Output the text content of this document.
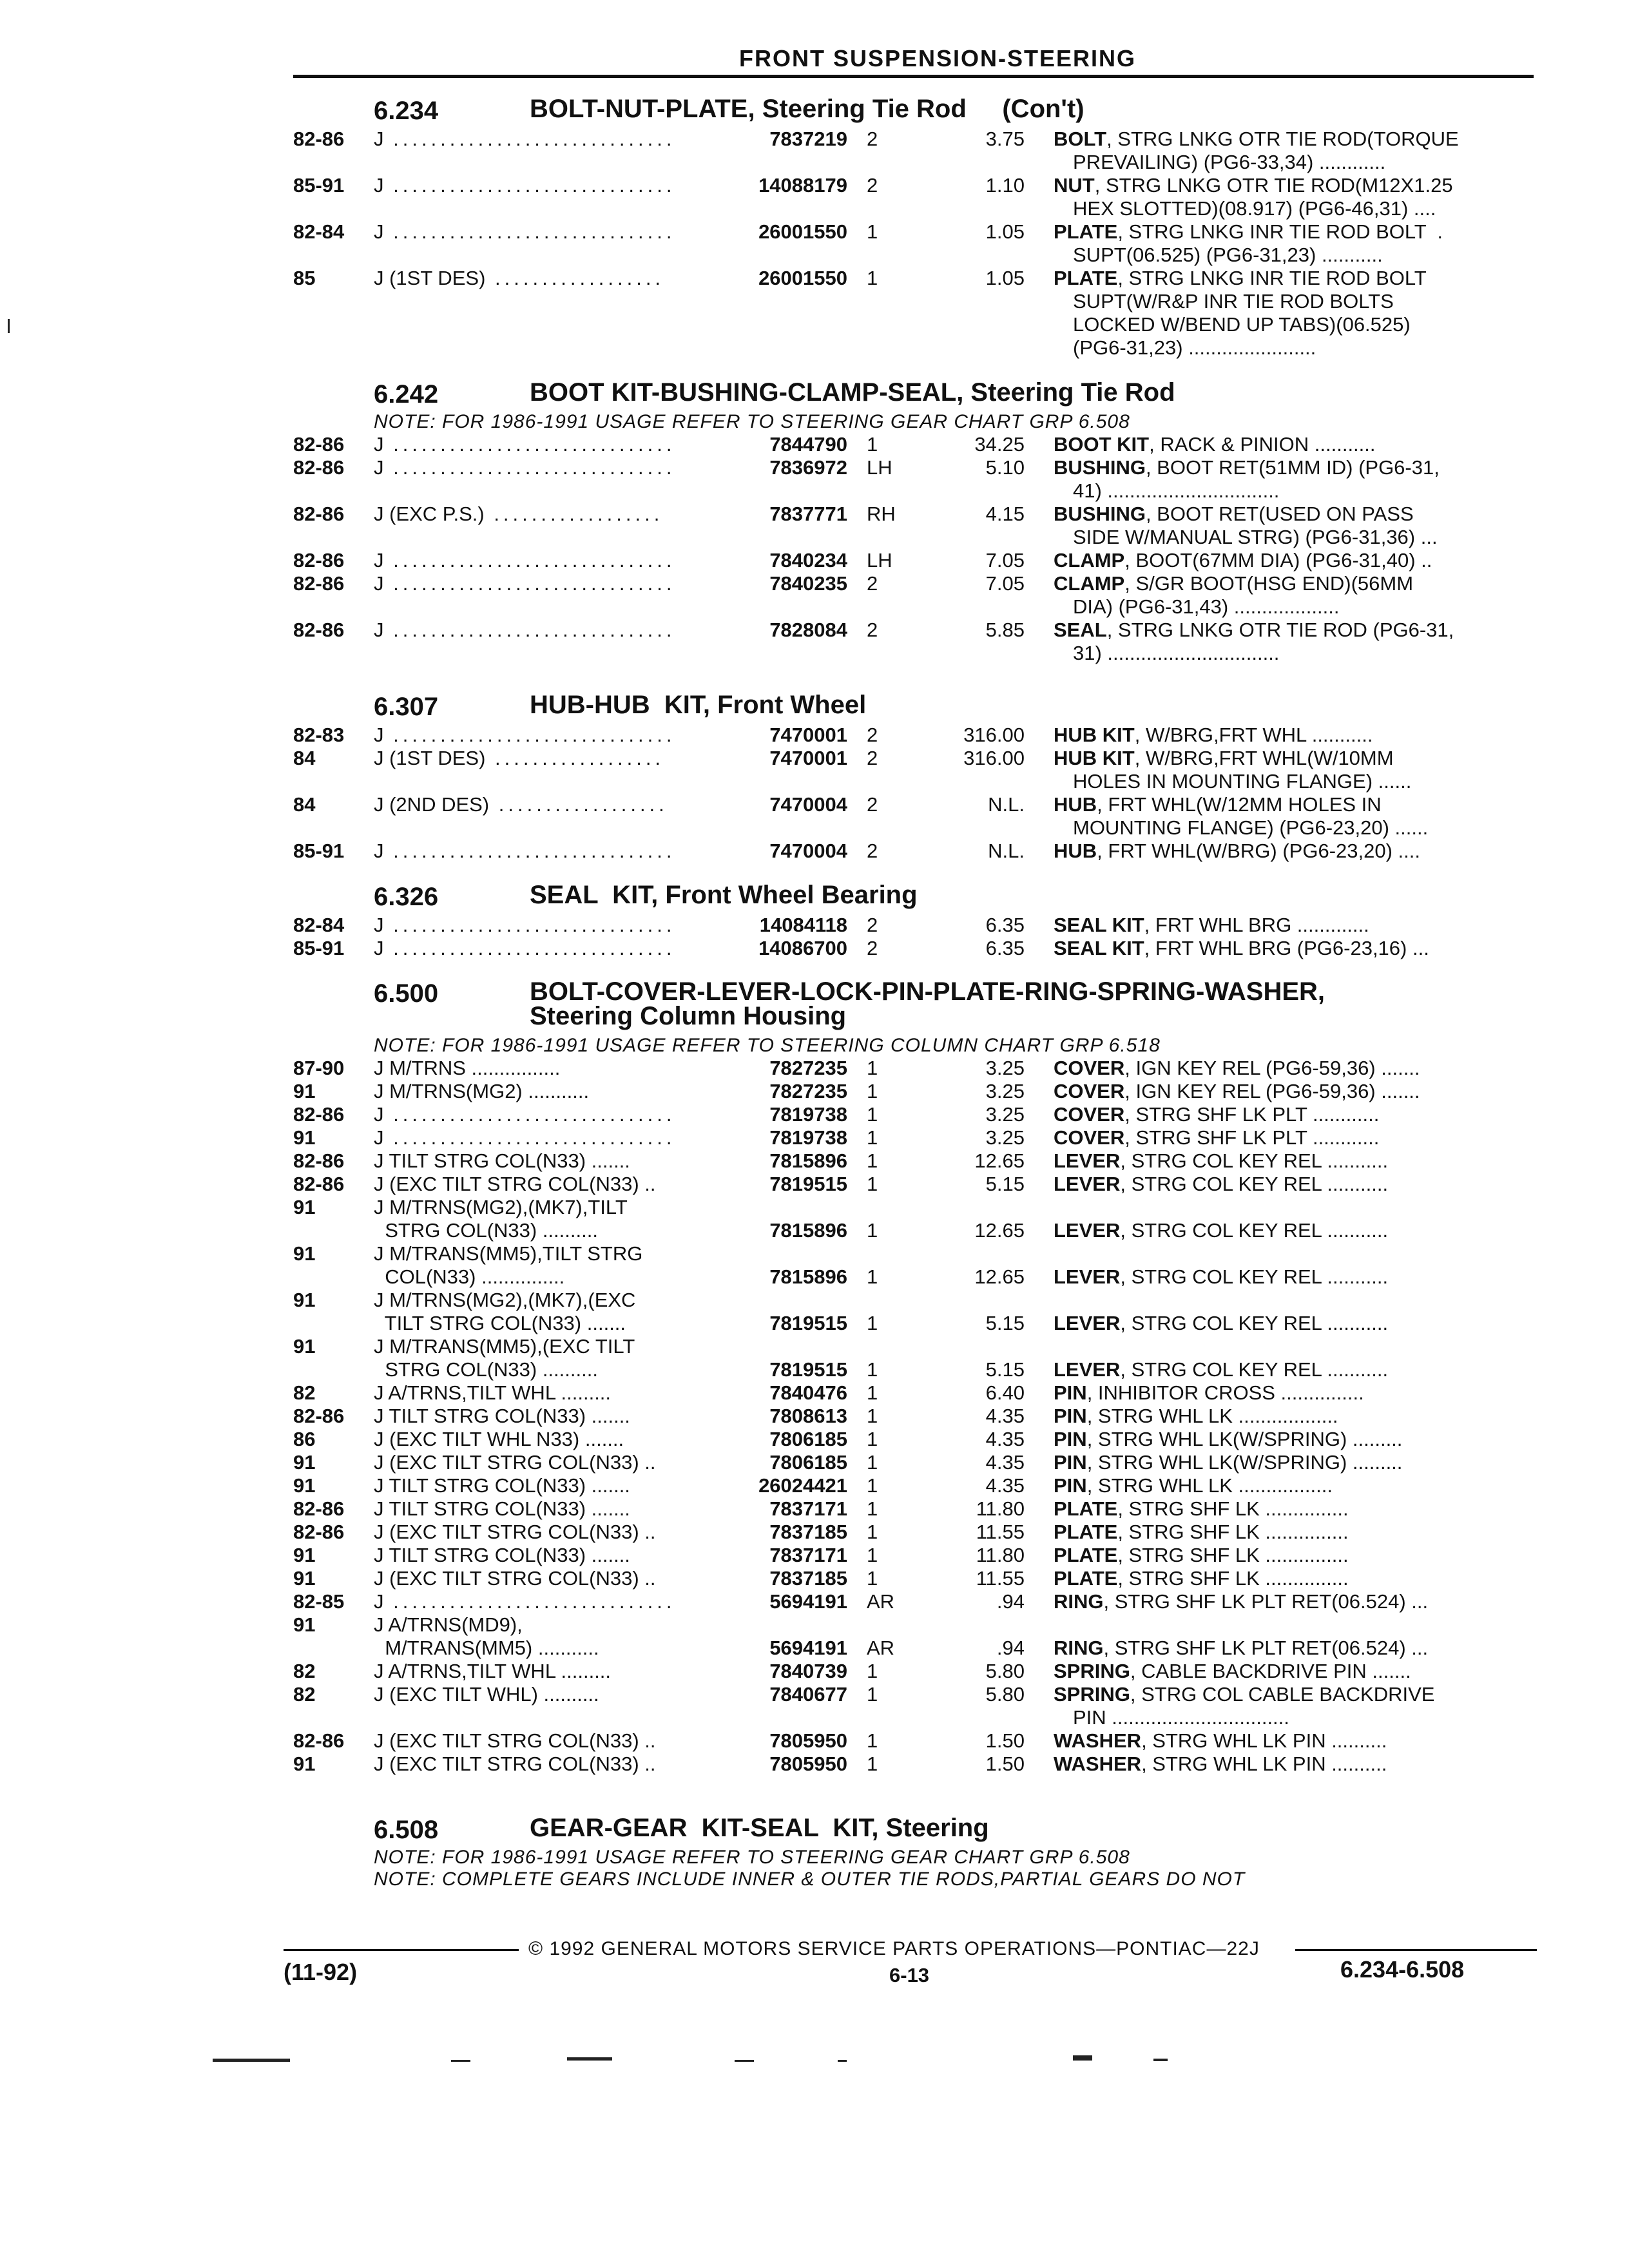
FRONT SUSPENSION-STEERING
6.234	BOLT-NUT-PLATE, Steering Tie Rod     (Con't)
82-86 J ..............................	7837219 2	3.75 BOLT, STRG LNKG OTR TIE ROD(TORQUE
PREVAILING) (PG6-33,34) ............
85-91 J ..............................	14088179 2	1.10 NUT, STRG LNKG OTR TIE ROD(M12X1.25
HEX SLOTTED)(08.917) (PG6-46,31) ....
82-84 J ..............................	26001550 1	1.05 PLATE, STRG LNKG INR TIE ROD BOLT  .
SUPT(06.525) (PG6-31,23) ...........
85	J (1ST DES) ..................	26001550 1	1.05 PLATE, STRG LNKG INR TIE ROD BOLT
SUPT(W/R&P INR TIE ROD BOLTS
LOCKED W/BEND UP TABS)(06.525)
(PG6-31,23) .......................
6.242	BOOT KIT-BUSHING-CLAMP-SEAL, Steering Tie Rod
NOTE: FOR 1986-1991 USAGE REFER TO STEERING GEAR CHART GRP 6.508
82-86 J ..............................	7844790 1	34.25 BOOT KIT, RACK & PINION ...........
82-86 J ..............................	7836972 LH	5.10 BUSHING, BOOT RET(51MM ID) (PG6-31,
41) ...............................
82-86 J (EXC P.S.) ..................	7837771 RH	4.15 BUSHING, BOOT RET(USED ON PASS
SIDE W/MANUAL STRG) (PG6-31,36) ...
82-86 J ..............................	7840234 LH	7.05 CLAMP, BOOT(67MM DIA) (PG6-31,40) ..
82-86 J ..............................	7840235 2	7.05 CLAMP, S/GR BOOT(HSG END)(56MM
DIA) (PG6-31,43) ...................
82-86 J ..............................	7828084 2	5.85 SEAL, STRG LNKG OTR TIE ROD (PG6-31,
31) ...............................
6.307	HUB-HUB  KIT, Front Wheel
82-83 J ..............................	7470001 2	316.00 HUB KIT, W/BRG,FRT WHL ...........
84	J (1ST DES) ..................	7470001 2	316.00 HUB KIT, W/BRG,FRT WHL(W/10MM
HOLES IN MOUNTING FLANGE) ......
84	J (2ND DES) ..................	7470004 2	N.L. HUB, FRT WHL(W/12MM HOLES IN
MOUNTING FLANGE) (PG6-23,20) ......
85-91 J ..............................	7470004 2	N.L. HUB, FRT WHL(W/BRG) (PG6-23,20) ....
6.326	SEAL  KIT, Front Wheel Bearing
82-84 J ..............................	14084118 2	6.35 SEAL KIT, FRT WHL BRG .............
85-91 J ..............................	14086700 2	6.35 SEAL KIT, FRT WHL BRG (PG6-23,16) ...
6.500	BOLT-COVER-LEVER-LOCK-PIN-PLATE-RING-SPRING-WASHER,
Steering Column Housing
NOTE: FOR 1986-1991 USAGE REFER TO STEERING COLUMN CHART GRP 6.518
87-90 J M/TRNS ................	7827235 1	3.25 COVER, IGN KEY REL (PG6-59,36) .......
91	J M/TRNS(MG2) ...........	7827235 1	3.25 COVER, IGN KEY REL (PG6-59,36) .......
82-86 J ..............................	7819738 1	3.25 COVER, STRG SHF LK PLT ............
91	J ..............................	7819738 1	3.25 COVER, STRG SHF LK PLT ............
82-86 J TILT STRG COL(N33) .......	7815896 1	12.65 LEVER, STRG COL KEY REL ...........
82-86 J (EXC TILT STRG COL(N33) ..	7819515 1	5.15 LEVER, STRG COL KEY REL ...........
91	J M/TRNS(MG2),(MK7),TILT
STRG COL(N33) ..........	7815896 1	12.65 LEVER, STRG COL KEY REL ...........
91	J M/TRANS(MM5),TILT STRG
COL(N33) ...............	7815896 1	12.65 LEVER, STRG COL KEY REL ...........
91	J M/TRNS(MG2),(MK7),(EXC
TILT STRG COL(N33) .......	7819515 1	5.15 LEVER, STRG COL KEY REL ...........
91	J M/TRANS(MM5),(EXC TILT
STRG COL(N33) ..........	7819515 1	5.15 LEVER, STRG COL KEY REL ...........
82	J A/TRNS,TILT WHL .........	7840476 1	6.40 PIN, INHIBITOR CROSS ...............
82-86 J TILT STRG COL(N33) .......	7808613 1	4.35 PIN, STRG WHL LK ..................
86	J (EXC TILT WHL N33) .......	7806185 1	4.35 PIN, STRG WHL LK(W/SPRING) .........
91	J (EXC TILT STRG COL(N33) ..	7806185 1	4.35 PIN, STRG WHL LK(W/SPRING) .........
91	J TILT STRG COL(N33) .......	26024421 1	4.35 PIN, STRG WHL LK .................
82-86 J TILT STRG COL(N33) .......	7837171 1	11.80 PLATE, STRG SHF LK ...............
82-86 J (EXC TILT STRG COL(N33) ..	7837185 1	11.55 PLATE, STRG SHF LK ...............
91	J TILT STRG COL(N33) .......	7837171 1	11.80 PLATE, STRG SHF LK ...............
91	J (EXC TILT STRG COL(N33) ..	7837185 1	11.55 PLATE, STRG SHF LK ...............
82-85 J ..............................	5694191 AR	.94 RING, STRG SHF LK PLT RET(06.524) ...
91	J A/TRNS(MD9),
M/TRANS(MM5) ...........	5694191 AR	.94 RING, STRG SHF LK PLT RET(06.524) ...
82	J A/TRNS,TILT WHL .........	7840739 1	5.80 SPRING, CABLE BACKDRIVE PIN .......
82	J (EXC TILT WHL) ..........	7840677 1	5.80 SPRING, STRG COL CABLE BACKDRIVE
PIN ................................
82-86 J (EXC TILT STRG COL(N33) ..	7805950 1	1.50 WASHER, STRG WHL LK PIN ..........
91	J (EXC TILT STRG COL(N33) ..	7805950 1	1.50 WASHER, STRG WHL LK PIN ..........
6.508	GEAR-GEAR  KIT-SEAL  KIT, Steering
NOTE: FOR 1986-1991 USAGE REFER TO STEERING GEAR CHART GRP 6.508
NOTE: COMPLETE GEARS INCLUDE INNER & OUTER TIE RODS,PARTIAL GEARS DO NOT
© 1992 GENERAL MOTORS SERVICE PARTS OPERATIONS—PONTIAC—22J
(11-92)	6-13	6.234-6.508
